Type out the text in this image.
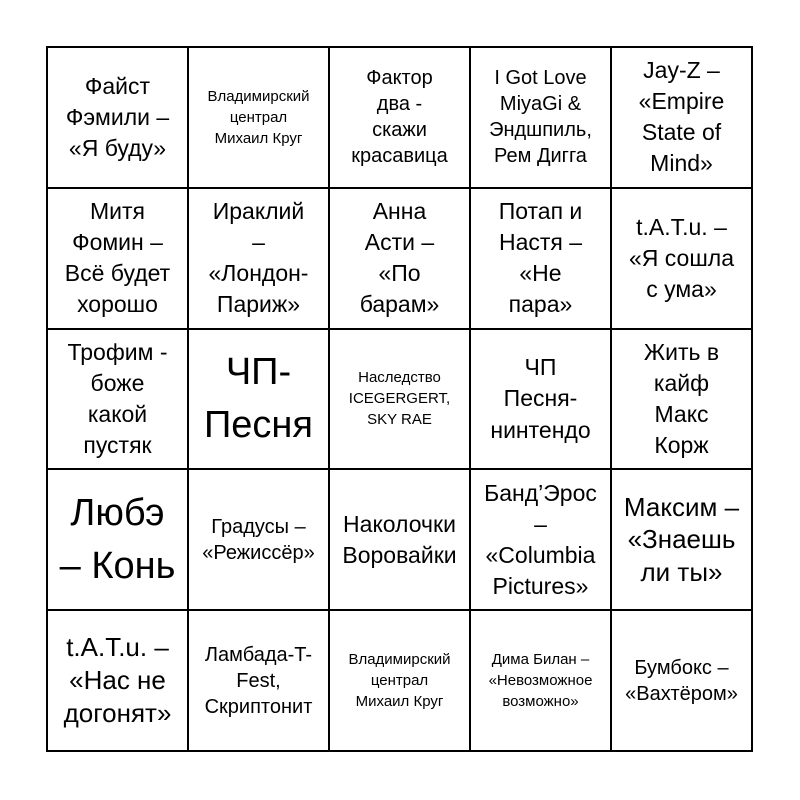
Файст
Фэмили –
«Я буду»
Владимирский
централ
Михаил Круг
Фактор
два -
скажи
красавица
I Got Love
MiyaGi &
Эндшпиль,
Рем Дигга
Jay-Z –
«Empire
State of
Mind»
Митя
Фомин –
Всё будет
хорошо
Ираклий
–
«Лондон-
Париж»
Анна
Асти –
«По
барам»
Потап и
Настя –
«Не
пара»
t.A.T.u. –
«Я сошла
с ума»
Трофим -
боже
какой
пустяк
ЧП-
Песня
Наследство
ICEGERGERT,
SKY RAE
ЧП
Песня-
нинтендо
Жить в
кайф
Макс
Корж
Любэ
– Конь
Градусы –
«Режиссёр»
Наколочки
Воровайки
Банд’Эрос
–
«Columbia
Pictures»
Максим –
«Знаешь
ли ты»
t.A.T.u. –
«Нас не
догонят»
Ламбада-T-
Fest,
Скриптонит
Владимирский
централ
Михаил Круг
Дима Билан –
«Невозможное
возможно»
Бумбокс –
«Вахтёром»
